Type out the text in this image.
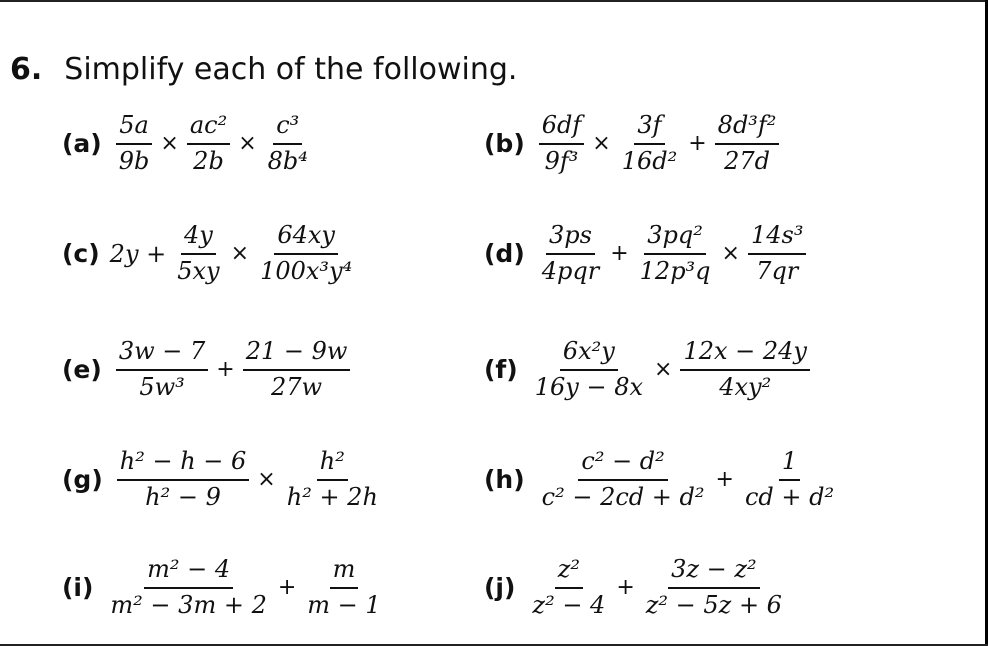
6. Simplify each of the following.
$(a) \frac{5a}{9b} \times \frac{\text{ac²}}{2b} \times \frac{\text{c³}}{\text{8b⁴}}$	$(b) \frac{6df}{\text{9f³}} \times \frac{3f}{\text{16d²}} + \frac{\text{8d³f²}}{27d}$
(c) $2y + \frac{4y}{5xy} \times \frac{64xy}{\text{100x³y⁴}}$	$(d) \frac{3ps}{\text{4pqr}} + \frac{\text{3pq²}}{\text{12p³q}} \times \frac{\text{14s³}}{7qr}$
$(e) \frac{3w - 7}{\text{5w³}} + \frac{21 - 9w}{27w}$	$(f) \frac{\text{6x²y}}{16y - 8x} \times \frac{12x - 24y}{\text{4xy²}}$
$(g) \frac{\text{h² − h − 6}}{\text{h² − 9}} \times \frac{\text{h²}}{\text{h² + 2h}}$	$(h) \frac{\text{c² − d²}}{\text{c² − 2cd + d²}} + \frac{1}{\text{cd + d²}}$
$(i) \frac{\text{m² − 4}}{\text{m² − 3m + 2}} + \frac{m}{m - 1}$	$(j) \frac{\text{z²}}{\text{z² − 4}} + \frac{\text{3z − z²}}{\text{z² − 5z + 6}}$
